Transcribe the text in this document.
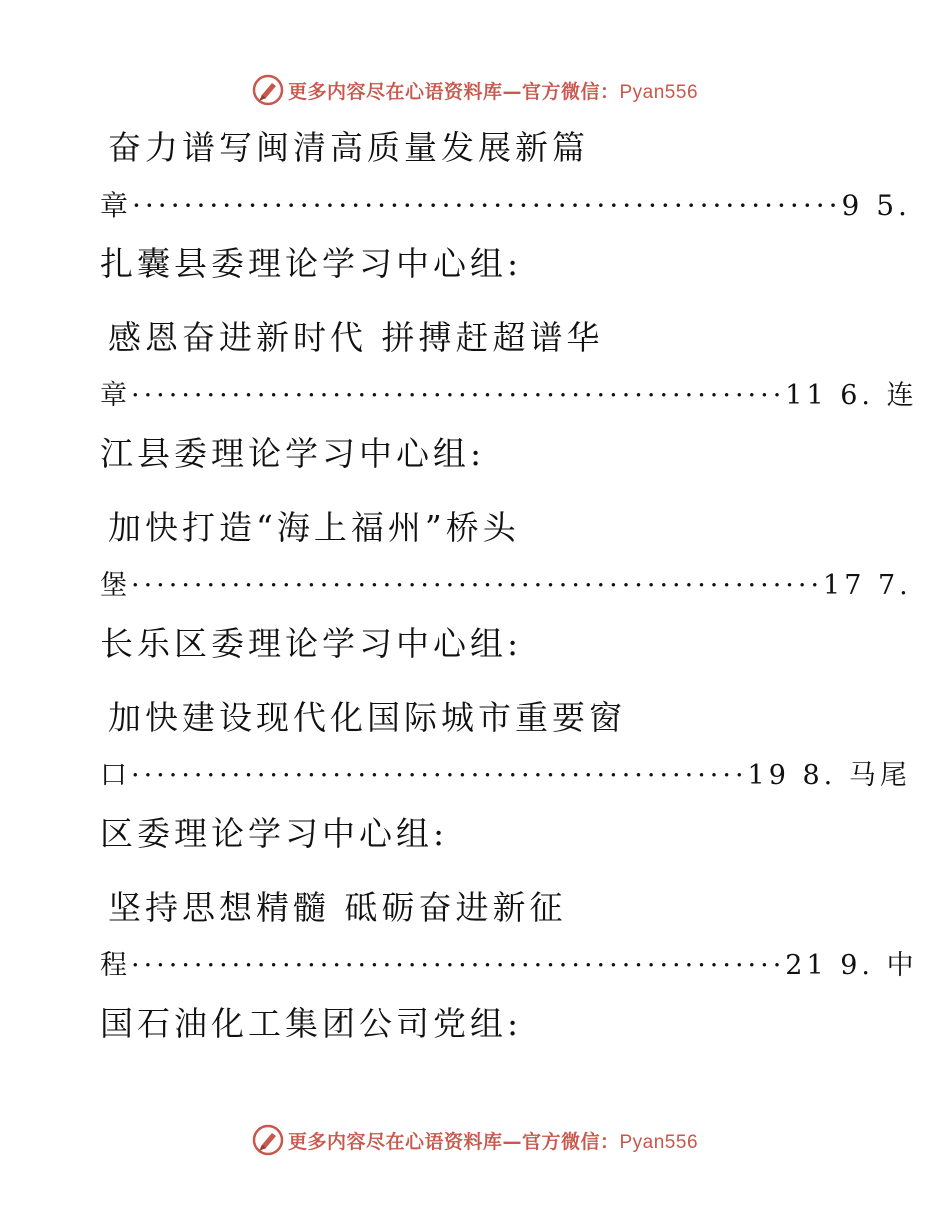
更多内容尽在心语资料库—官方微信：Pyan556
奋力谱写闽清高质量发展新篇
章·······················································9 5.
扎囊县委理论学习中心组:
感恩奋进新时代 拼搏赶超谱华
章····················································11 6. 连
江县委理论学习中心组:
加快打造“海上福州”桥头
堡·······················································17 7.
长乐区委理论学习中心组:
加快建设现代化国际城市重要窗
口·················································19 8. 马尾
区委理论学习中心组:
坚持思想精髓 砥砺奋进新征
程····················································21 9. 中
国石油化工集团公司党组:
更多内容尽在心语资料库—官方微信：Pyan556
